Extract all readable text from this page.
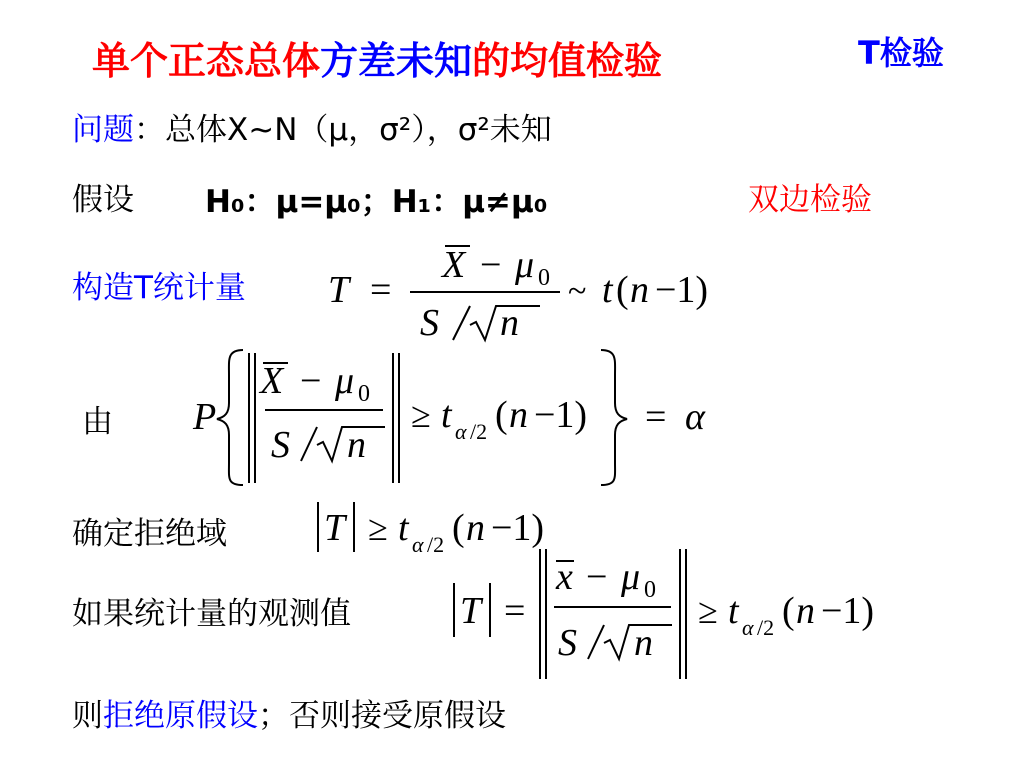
单个正态总体方差未知的均值检验	T检验
问题：总体X~N（μ，σ²），σ²未知
假设 H₀：μ=μ₀；H₁：μ≠μ₀	双边检验
构造T统计量 T =
X − μ 0
S n
~ t ( n −1)
由 P
X − μ 0
S n
≥ t α /2 ( n −1) = α
确定拒绝域	T ≥ t α /2 ( n −1)
如果统计量的观测值	T =
x − μ 0
S n
≥ t α /2 ( n −1)
则拒绝原假设；否则接受原假设
